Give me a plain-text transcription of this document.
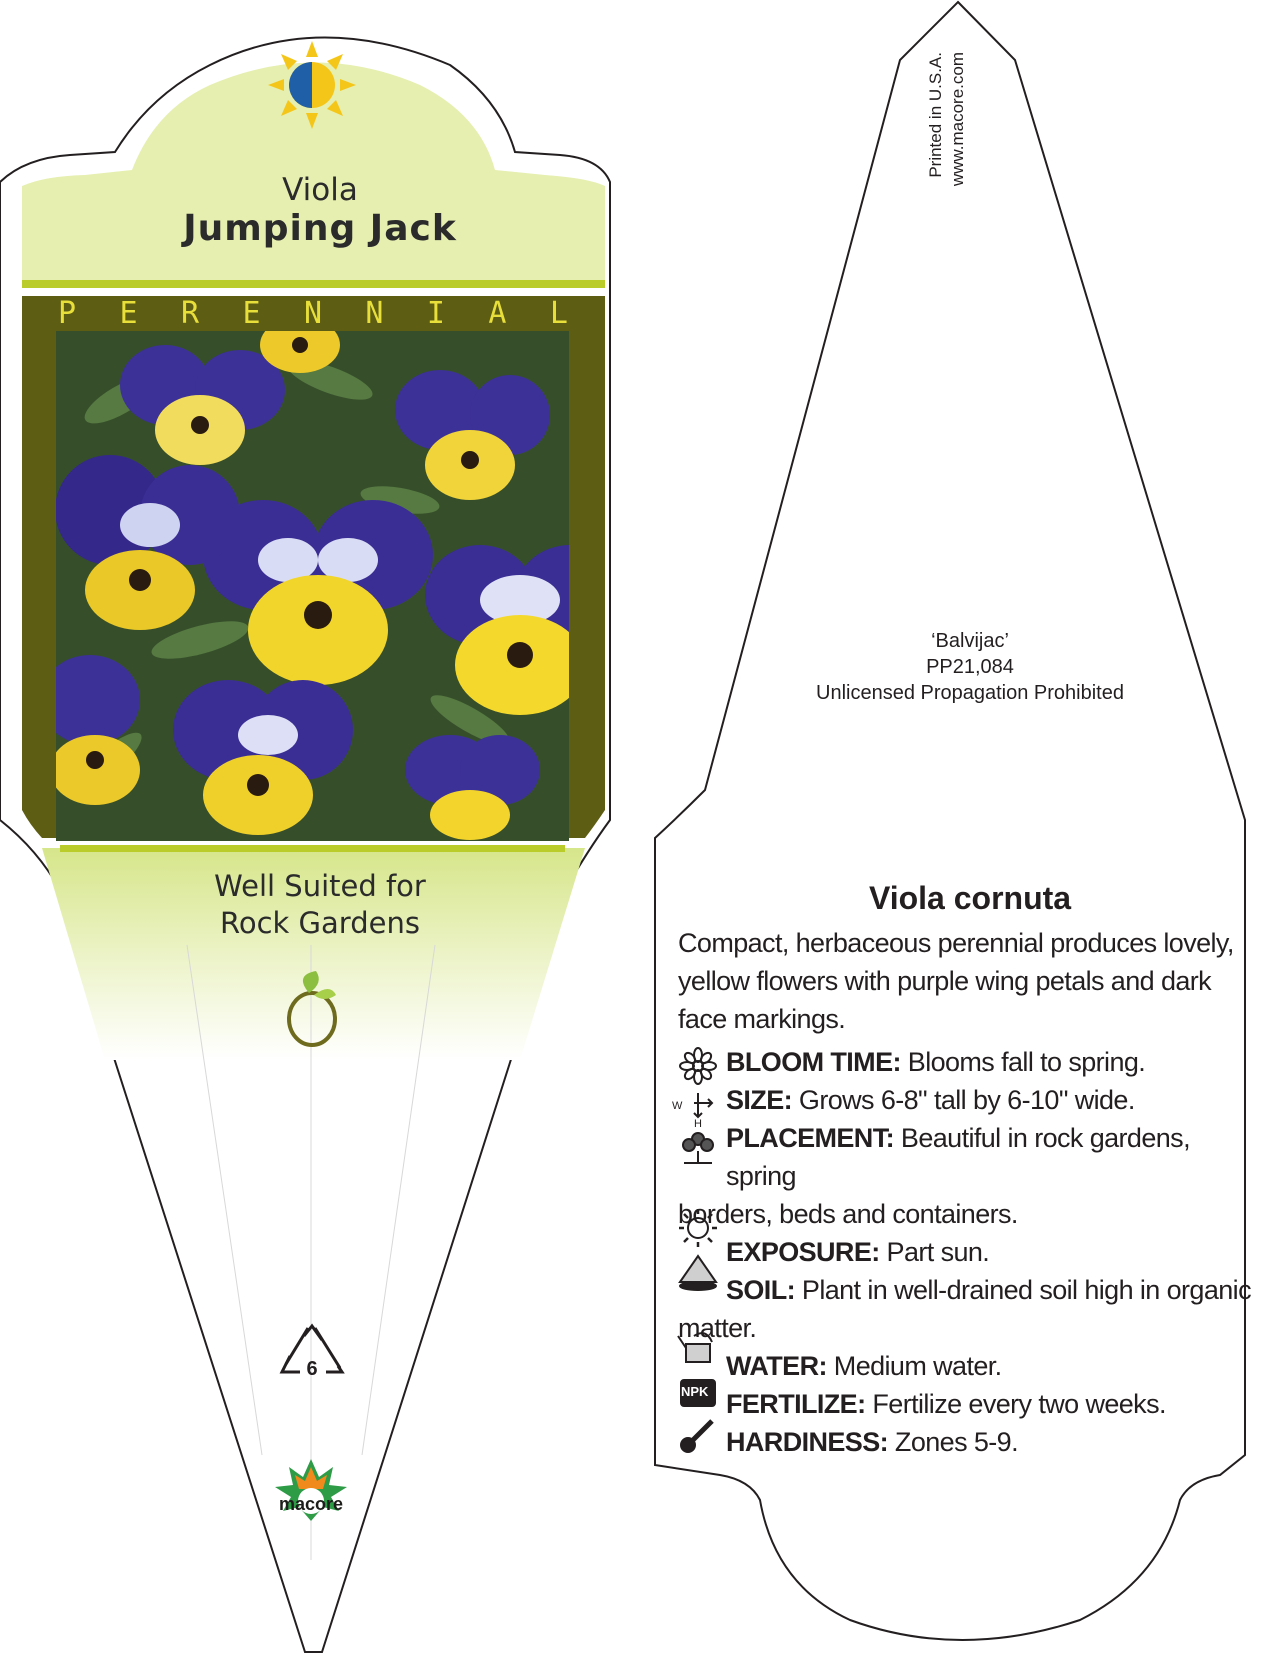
Viola
Jumping Jack
P E R E N N I A L
Well Suited for
Rock Gardens
6
macore
Printed in U.S.A. www.macore.com
‘Balvijac’
PP21,084
Unlicensed Propagation Prohibited
Viola cornuta
Compact, herbaceous perennial produces lovely, yellow flowers with purple wing petals and dark face markings.
BLOOM TIME: Blooms fall to spring.
SIZE: Grows 6-8" tall by 6-10" wide.
PLACEMENT: Beautiful in rock gardens, spring
borders, beds and containers.
EXPOSURE: Part sun.
SOIL: Plant in well-drained soil high in organic
matter.
WATER: Medium water.
FERTILIZE: Fertilize every two weeks.
HARDINESS: Zones 5-9.
W
H
NPK
